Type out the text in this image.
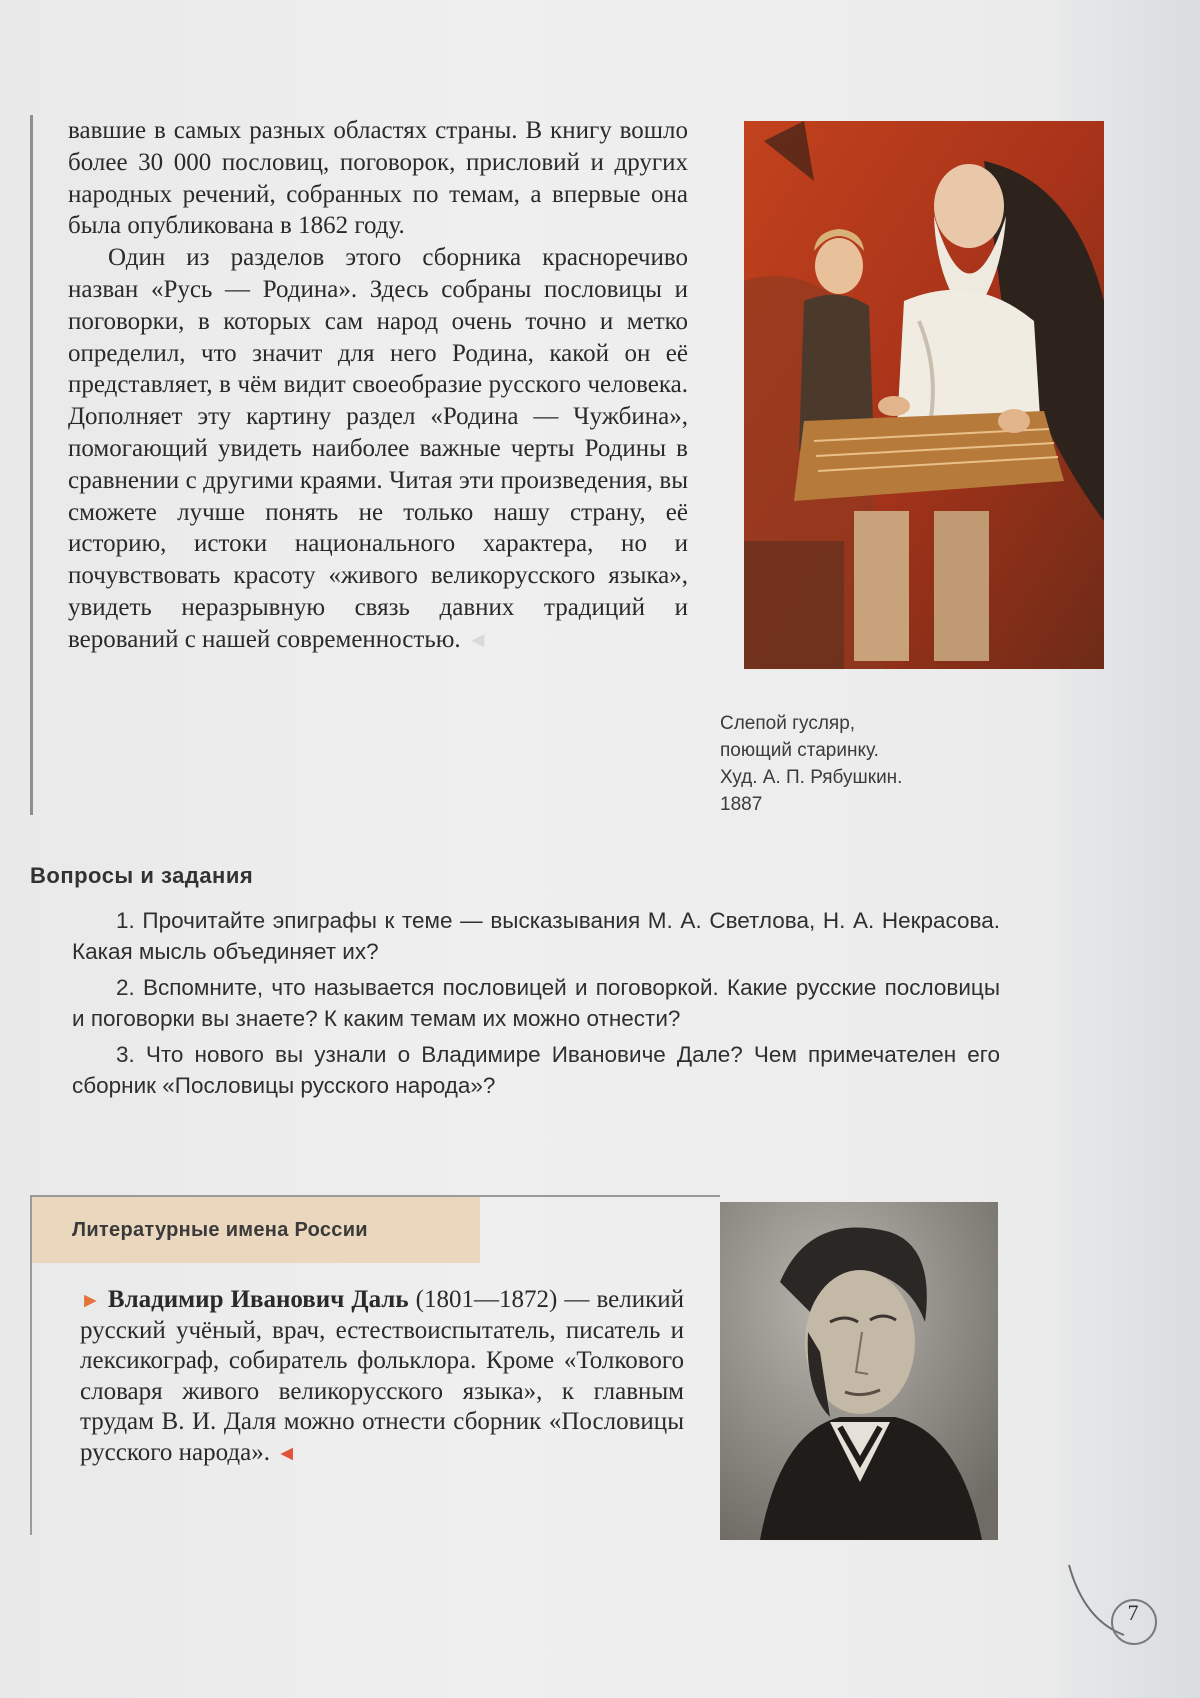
вавшие в самых разных областях страны. В книгу вошло более 30 000 пословиц, поговорок, присловий и других народных речений, собранных по темам, а впервые она была опубликована в 1862 году.

Один из разделов этого сборника красноречиво назван «Русь — Родина». Здесь собраны пословицы и поговорки, в которых сам народ очень точно и метко определил, что значит для него Родина, какой он её представляет, в чём видит своеобразие русского человека. Дополняет эту картину раздел «Родина — Чужбина», помогающий увидеть наиболее важные черты Родины в сравнении с другими краями. Читая эти произведения, вы сможете лучше понять не только нашу страну, её историю, истоки национального характера, но и почувствовать красоту «живого великорусского языка», увидеть неразрывную связь давних традиций и верований с нашей современностью. ◄

Слепой гусляр,
поющий старинку.
Худ. А. П. Рябушкин.
1887
Вопросы и задания

1. Прочитайте эпиграфы к теме — высказывания М. А. Светлова, Н. А. Некрасова. Какая мысль объединяет их?

2. Вспомните, что называется пословицей и поговоркой. Какие русские пословицы и поговорки вы знаете? К каким темам их можно отнести?

3. Что нового вы узнали о Владимире Ивановиче Дале? Чем примечателен его сборник «Пословицы русского народа»?

Литературные имена России

► Владимир Иванович Даль (1801—1872) — великий русский учёный, врач, естествоиспытатель, писатель и лексикограф, собиратель фольклора. Кроме «Толкового словаря живого великорусского языка», к главным трудам В. И. Даля можно отнести сборник «Пословицы русского народа». ◄

7
